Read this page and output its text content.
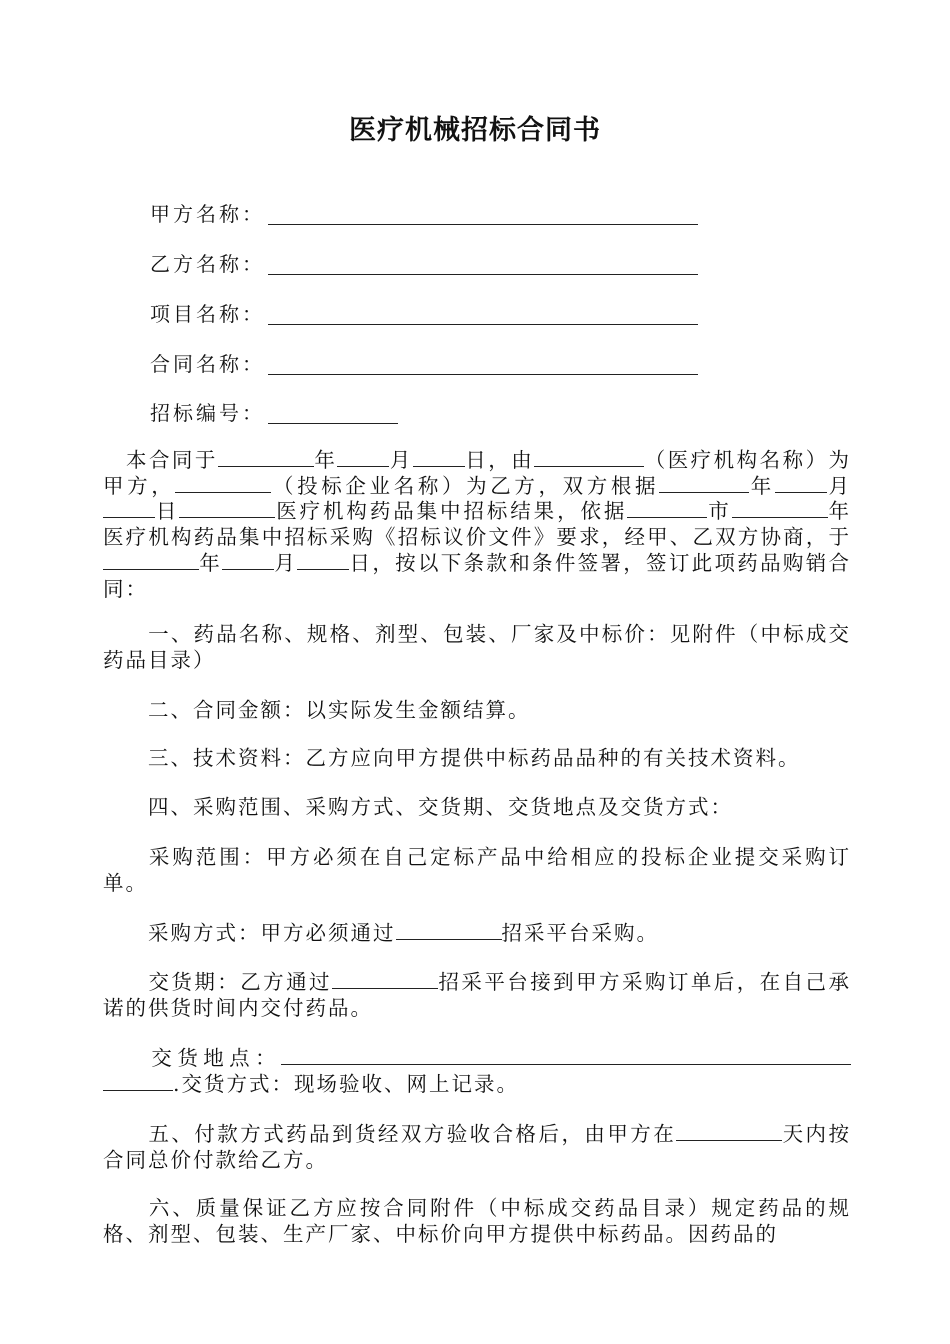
医疗机械招标合同书
甲方名称：
乙方名称：
项目名称：
合同名称：
招标编号：
 本合同于	年	月	日，由	（医疗机构名称）为甲方，	（投标企业名称）为乙方，双方根据	年	月日	医疗机构药品集中招标结果，依据	市	年医疗机构药品集中招标采购《招标议价文件》要求，经甲、乙双方协商，于年	月	日，按以下条款和条件签署，签订此项药品购销合同：
  一、药品名称、规格、剂型、包装、厂家及中标价：见附件（中标成交药品目录）
  二、合同金额：以实际发生金额结算。
  三、技术资料：乙方应向甲方提供中标药品品种的有关技术资料。
  四、采购范围、采购方式、交货期、交货地点及交货方式：
  采购范围：甲方必须在自己定标产品中给相应的投标企业提交采购订单。
  采购方式：甲方必须通过	招采平台采购。
  交货期：乙方通过	招采平台接到甲方采购订单后，在自己承诺的供货时间内交付药品。
  交货地点：.交货方式：现场验收、网上记录。
  五、付款方式药品到货经双方验收合格后，由甲方在	天内按合同总价付款给乙方。
  六、质量保证乙方应按合同附件（中标成交药品目录）规定药品的规格、剂型、包装、生产厂家、中标价向甲方提供中标药品。因药品的
